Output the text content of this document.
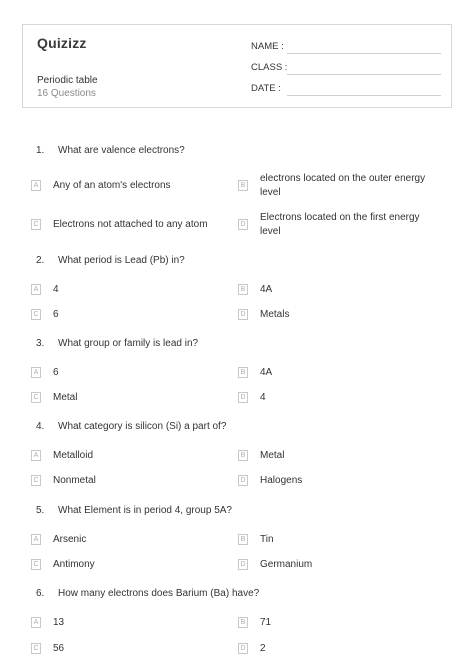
Quizizz
Periodic table
16 Questions
NAME :
CLASS :
DATE :
1. What are valence electrons?
A Any of an atom's electrons	B
electrons located on the outer energy level
C Electrons not attached to any atom	D
Electrons located on the first energy level
2. What period is Lead (Pb) in?
A 4	B 4A
C 6	D Metals
3. What group or family is lead in?
A 6	B 4A
C Metal	D 4
4. What category is silicon (Si) a part of?
A Metalloid	B Metal
C Nonmetal	D Halogens
5. What Element is in period 4, group 5A?
A Arsenic	B Tin
C Antimony	D Germanium
6. How many electrons does Barium (Ba) have?
A 13	B 71
C 56	D 2
